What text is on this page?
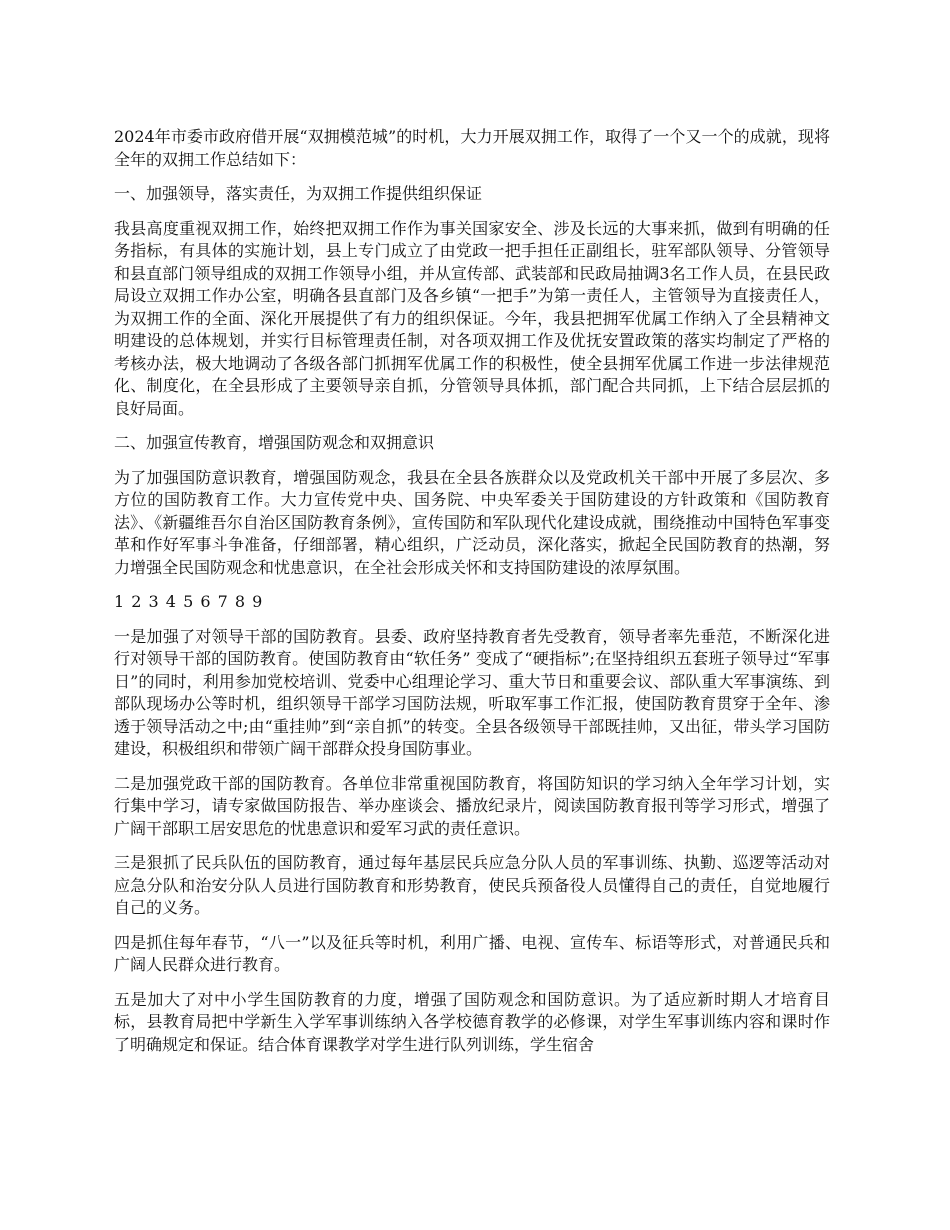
2024年市委市政府借开展“双拥模范城”的时机，大力开展双拥工作，取得了一个又一个的成就，现将全年的双拥工作总结如下：

一、加强领导，落实责任，为双拥工作提供组织保证

我县高度重视双拥工作，始终把双拥工作作为事关国家安全、涉及长远的大事来抓，做到有明确的任务指标，有具体的实施计划，县上专门成立了由党政一把手担任正副组长，驻军部队领导、分管领导和县直部门领导组成的双拥工作领导小组，并从宣传部、武装部和民政局抽调3名工作人员，在县民政局设立双拥工作办公室，明确各县直部门及各乡镇“一把手”为第一责任人，主管领导为直接责任人，为双拥工作的全面、深化开展提供了有力的组织保证。今年，我县把拥军优属工作纳入了全县精神文明建设的总体规划，并实行目标管理责任制，对各项双拥工作及优抚安置政策的落实均制定了严格的考核办法，极大地调动了各级各部门抓拥军优属工作的积极性，使全县拥军优属工作进一步法律规范化、制度化，在全县形成了主要领导亲自抓，分管领导具体抓，部门配合共同抓，上下结合层层抓的良好局面。

二、加强宣传教育，增强国防观念和双拥意识

为了加强国防意识教育，增强国防观念，我县在全县各族群众以及党政机关干部中开展了多层次、多方位的国防教育工作。大力宣传党中央、国务院、中央军委关于国防建设的方针政策和《国防教育法》、《新疆维吾尔自治区国防教育条例》，宣传国防和军队现代化建设成就，围绕推动中国特色军事变革和作好军事斗争准备，仔细部署，精心组织，广泛动员，深化落实，掀起全民国防教育的热潮，努力增强全民国防观念和忧患意识，在全社会形成关怀和支持国防建设的浓厚氛围。

1 2 3 4 5 6 7 8 9

一是加强了对领导干部的国防教育。县委、政府坚持教育者先受教育，领导者率先垂范，不断深化进行对领导干部的国防教育。使国防教育由“软任务” 变成了“硬指标”;在坚持组织五套班子领导过“军事日”的同时，利用参加党校培训、党委中心组理论学习、重大节日和重要会议、部队重大军事演练、到部队现场办公等时机，组织领导干部学习国防法规，听取军事工作汇报，使国防教育贯穿于全年、渗透于领导活动之中;由“重挂帅”到“亲自抓”的转变。全县各级领导干部既挂帅，又出征，带头学习国防建设，积极组织和带领广阔干部群众投身国防事业。

二是加强党政干部的国防教育。各单位非常重视国防教育，将国防知识的学习纳入全年学习计划，实行集中学习，请专家做国防报告、举办座谈会、播放纪录片，阅读国防教育报刊等学习形式，增强了广阔干部职工居安思危的忧患意识和爱军习武的责任意识。

三是狠抓了民兵队伍的国防教育，通过每年基层民兵应急分队人员的军事训练、执勤、巡逻等活动对应急分队和治安分队人员进行国防教育和形势教育，使民兵预备役人员懂得自己的责任，自觉地履行自己的义务。

四是抓住每年春节，“八一”以及征兵等时机，利用广播、电视、宣传车、标语等形式，对普通民兵和广阔人民群众进行教育。

五是加大了对中小学生国防教育的力度，增强了国防观念和国防意识。为了适应新时期人才培育目标，县教育局把中学新生入学军事训练纳入各学校德育教学的必修课，对学生军事训练内容和课时作了明确规定和保证。结合体育课教学对学生进行队列训练，学生宿舍
